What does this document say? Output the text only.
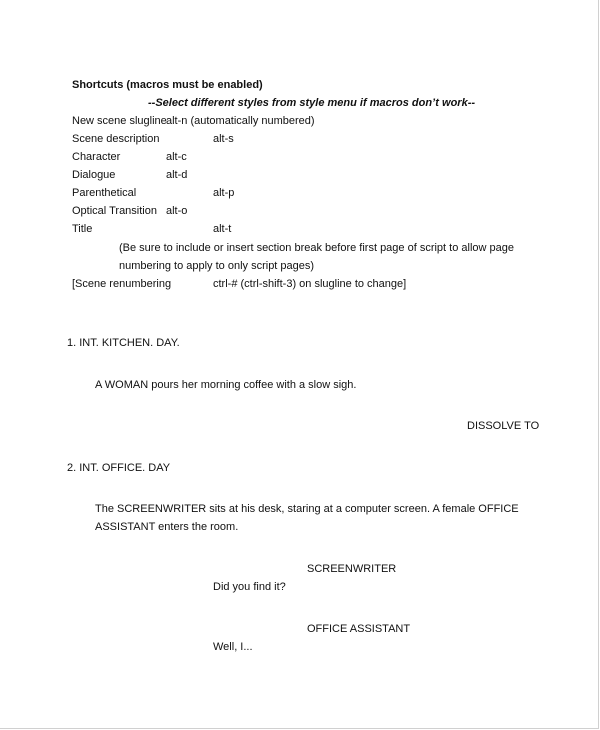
Shortcuts (macros must be enabled)
--Select different styles from style menu if macros don’t work--
New scene slugline alt-n (automatically numbered)
Scene description	alt-s
Character	alt-c
Dialogue	alt-d
Parenthetical	alt-p
Optical Transition alt-o
Title	alt-t
(Be sure to include or insert section break before first page of script to allow page
numbering to apply to only script pages)
[Scene renumbering	ctrl-# (ctrl-shift-3) on slugline to change]
1. INT. KITCHEN. DAY.
A WOMAN pours her morning coffee with a slow sigh.
DISSOLVE TO
2. INT. OFFICE. DAY
The SCREENWRITER sits at his desk, staring at a computer screen. A female OFFICE
ASSISTANT enters the room.
SCREENWRITER
Did you find it?
OFFICE ASSISTANT
Well, I...
